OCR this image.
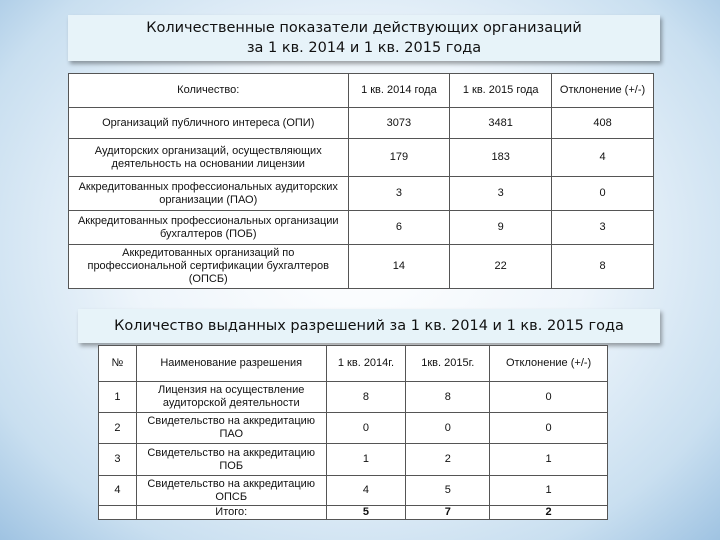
Количественные показатели действующих организаций
за 1 кв. 2014 и 1 кв. 2015 года
Количество:	1 кв. 2014 года	1 кв. 2015 года	Отклонение (+/-)
Организаций публичного интереса (ОПИ)	3073	3481	408
Аудиторских организаций, осуществляющих деятельность на основании лицензии	179	183	4
Аккредитованных профессиональных аудиторских организации (ПАО)	3	3	0
Аккредитованных профессиональных организации бухгалтеров (ПОБ)	6	9	3
Аккредитованных организаций по профессиональной сертификации бухгалтеров (ОПСБ)	14	22	8
Количество выданных разрешений за 1 кв. 2014 и 1 кв. 2015 года
№	Наименование разрешения	1 кв. 2014г.	1кв. 2015г.	Отклонение (+/-)
1	Лицензия на осуществление аудиторской деятельности	8	8	0
2	Свидетельство на аккредитацию ПАО	0	0	0
3	Свидетельство на аккредитацию ПОБ	1	2	1
4	Свидетельство на аккредитацию ОПСБ	4	5	1
	Итого:	5	7	2
